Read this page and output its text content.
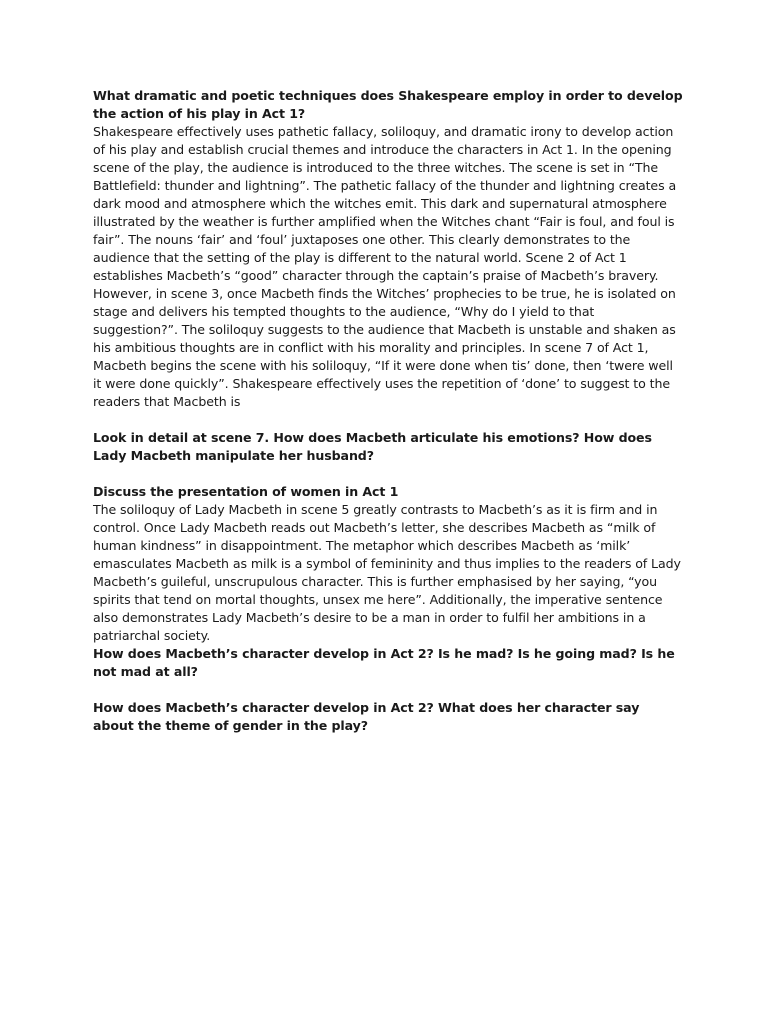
What dramatic and poetic techniques does Shakespeare employ in order to develop the action of his play in Act 1?

Shakespeare effectively uses pathetic fallacy, soliloquy, and dramatic irony to develop action of his play and establish crucial themes and introduce the characters in Act 1. In the opening scene of the play, the audience is introduced to the three witches. The scene is set in “The Battlefield: thunder and lightning”. The pathetic fallacy of the thunder and lightning creates a dark mood and atmosphere which the witches emit. This dark and supernatural atmosphere illustrated by the weather is further amplified when the Witches chant “Fair is foul, and foul is fair”. The nouns ‘fair’ and ‘foul’ juxtaposes one other. This clearly demonstrates to the audience that the setting of the play is different to the natural world. Scene 2 of Act 1 establishes Macbeth’s “good” character through the captain’s praise of Macbeth’s bravery. However, in scene 3, once Macbeth finds the Witches’ prophecies to be true, he is isolated on stage and delivers his tempted thoughts to the audience, “Why do I yield to that suggestion?”. The soliloquy suggests to the audience that Macbeth is unstable and shaken as his ambitious thoughts are in conflict with his morality and principles. In scene 7 of Act 1, Macbeth begins the scene with his soliloquy, “If it were done when tis’ done, then ‘twere well it were done quickly”. Shakespeare effectively uses the repetition of ‘done’ to suggest to the readers that Macbeth is

Look in detail at scene 7. How does Macbeth articulate his emotions? How does Lady Macbeth manipulate her husband?

Discuss the presentation of women in Act 1

The soliloquy of Lady Macbeth in scene 5 greatly contrasts to Macbeth’s as it is firm and in control. Once Lady Macbeth reads out Macbeth’s letter, she describes Macbeth as “milk of human kindness” in disappointment. The metaphor which describes Macbeth as ‘milk’ emasculates Macbeth as milk is a symbol of femininity and thus implies to the readers of Lady Macbeth’s guileful, unscrupulous character. This is further emphasised by her saying, “you spirits that tend on mortal thoughts, unsex me here”. Additionally, the imperative sentence also demonstrates Lady Macbeth’s desire to be a man in order to fulfil her ambitions in a patriarchal society.

How does Macbeth’s character develop in Act 2? Is he mad? Is he going mad? Is he not mad at all?

How does Macbeth’s character develop in Act 2? What does her character say about the theme of gender in the play?
